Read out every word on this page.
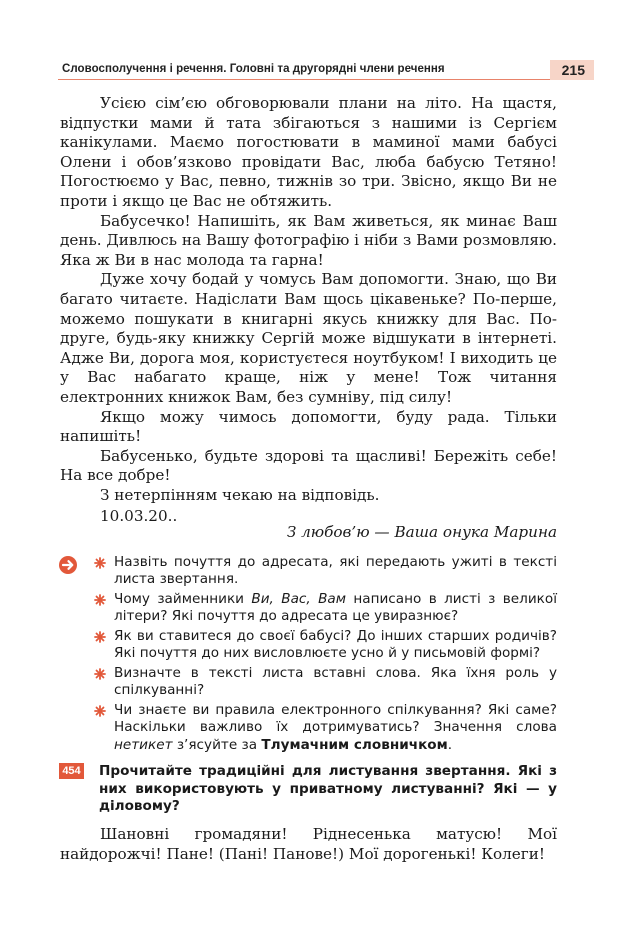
Словосполучення і речення. Головні та другорядні члени речення	215

Усією сім’єю обговорювали плани на літо. На щастя, відпустки мами й тата збігаються з нашими із Сергієм канікулами. Маємо погостювати в маминої мами бабусі Олени і обов’язково провідати Вас, люба бабусю Тетяно! Погостюємо у Вас, певно, тижнів зо три. Звісно, якщо Ви не проти і якщо це Вас не обтяжить.

Бабусечко! Напишіть, як Вам живеться, як минає Ваш день. Дивлюсь на Вашу фотографію і ніби з Вами розмовляю. Яка ж Ви в нас молода та гарна!

Дуже хочу бодай у чомусь Вам допомогти. Знаю, що Ви багато читаєте. Надіслати Вам щось цікавеньке? По-перше, можемо пошукати в книгарні якусь книжку для Вас. По-друге, будь-яку книжку Сергій може відшукати в інтернеті. Адже Ви, дорога моя, користуєтеся ноутбуком! І виходить це у Вас набагато краще, ніж у мене! Тож читання електронних книжок Вам, без сумніву, під силу!

Якщо можу чимось допомогти, буду рада. Тільки напишіть!

Бабусенько, будьте здорові та щасливі! Бережіть себе! На все добре!

З нетерпінням чекаю на відповідь.

10.03.20..
З любов’ю — Ваша онука Марина
Назвіть почуття до адресата, які передають ужиті в тексті листа звертання.
Чому займенники Ви, Вас, Вам написано в листі з великої літери? Які почуття до адресата це увиразнює?
Як ви ставитеся до своєї бабусі? До інших старших родичів? Які почуття до них висловлюєте усно й у письмовій формі?
Визначте в тексті листа вставні слова. Яка їхня роль у спілкуванні?
Чи знаєте ви правила електронного спілкування? Які саме? Наскільки важливо їх дотримуватись? Значення слова нетикет з’ясуйте за Тлумачним словничком.
454 Прочитайте традиційні для листування звертання. Які з них використовують у приватному листуванні? Які — у діловому?
Шановні громадяни! Ріднесенька матусю! Мої найдорожчі! Пане! (Пані! Панове!) Мої дорогенькі! Колеги!
